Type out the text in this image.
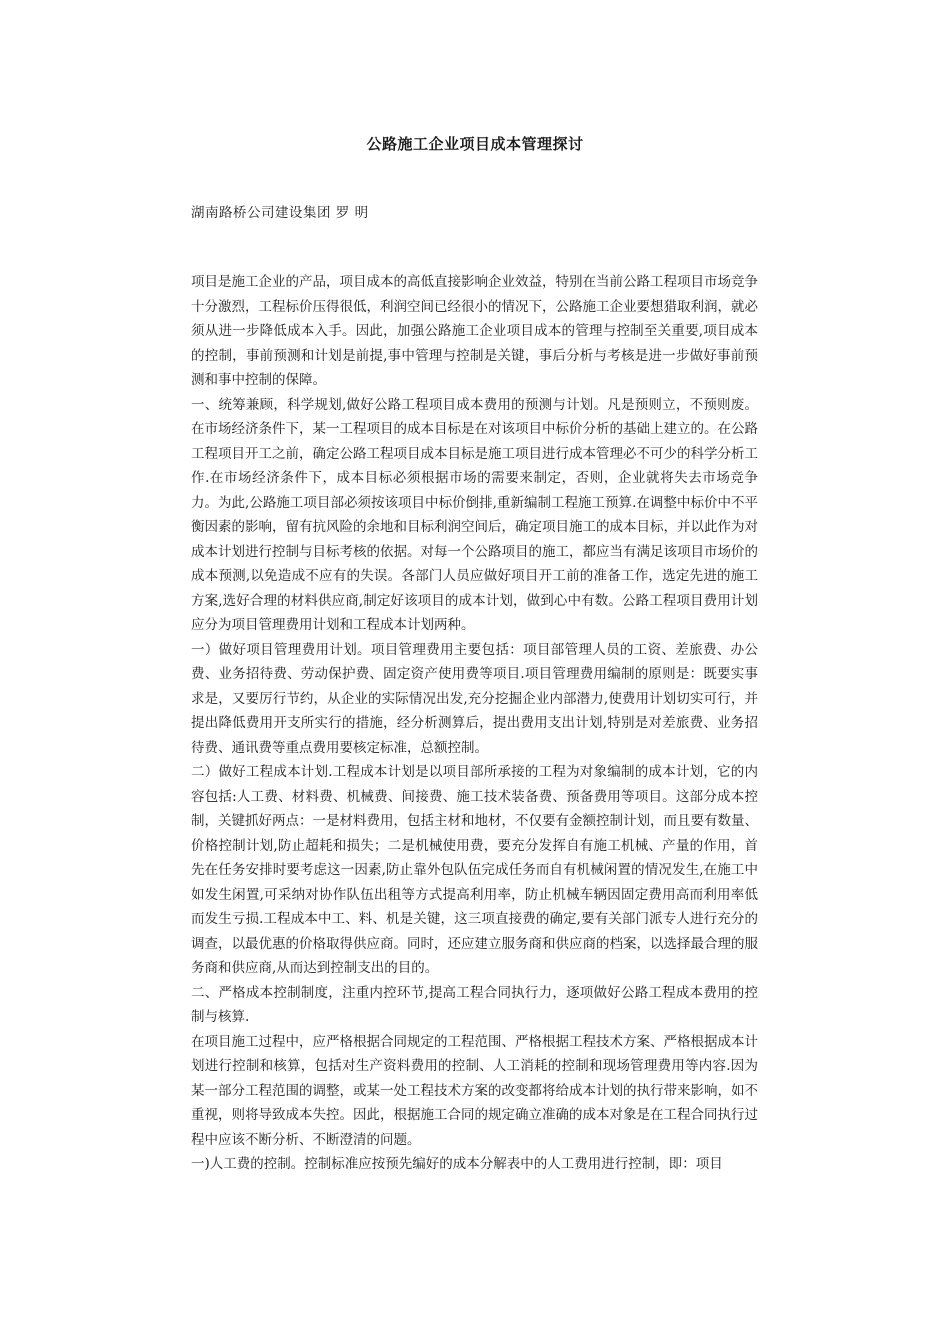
公路施工企业项目成本管理探讨
湖南路桥公司建设集团 罗 明

项目是施工企业的产品，项目成本的高低直接影响企业效益，特别在当前公路工程项目市场竞争十分激烈，工程标价压得很低，利润空间已经很小的情况下，公路施工企业要想猎取利润，就必须从进一步降低成本入手。因此，加强公路施工企业项目成本的管理与控制至关重要,项目成本的控制，事前预测和计划是前提,事中管理与控制是关键，事后分析与考核是进一步做好事前预测和事中控制的保障。

一、统筹兼顾，科学规划,做好公路工程项目成本费用的预测与计划。凡是预则立，不预则废。在市场经济条件下，某一工程项目的成本目标是在对该项目中标价分析的基础上建立的。在公路工程项目开工之前，确定公路工程项目成本目标是施工项目进行成本管理必不可少的科学分析工作.在市场经济条件下，成本目标必须根据市场的需要来制定，否则，企业就将失去市场竞争力。为此,公路施工项目部必须按该项目中标价倒排,重新编制工程施工预算.在调整中标价中不平衡因素的影响，留有抗风险的余地和目标利润空间后，确定项目施工的成本目标，并以此作为对成本计划进行控制与目标考核的依据。对每一个公路项目的施工，都应当有满足该项目市场价的成本预测,以免造成不应有的失误。各部门人员应做好项目开工前的准备工作，选定先进的施工方案,选好合理的材料供应商,制定好该项目的成本计划，做到心中有数。公路工程项目费用计划应分为项目管理费用计划和工程成本计划两种。

一）做好项目管理费用计划。项目管理费用主要包括：项目部管理人员的工资、差旅费、办公费、业务招待费、劳动保护费、固定资产使用费等项目.项目管理费用编制的原则是：既要实事求是，又要厉行节约，从企业的实际情况出发,充分挖掘企业内部潜力,使费用计划切实可行，并提出降低费用开支所实行的措施，经分析测算后，提出费用支出计划,特别是对差旅费、业务招待费、通讯费等重点费用要核定标准，总额控制。

二）做好工程成本计划.工程成本计划是以项目部所承接的工程为对象编制的成本计划，它的内容包括:人工费、材料费、机械费、间接费、施工技术装备费、预备费用等项目。这部分成本控制，关键抓好两点：一是材料费用，包括主材和地材，不仅要有金额控制计划，而且要有数量、价格控制计划,防止超耗和损失；二是机械使用费，要充分发挥自有施工机械、产量的作用，首先在任务安排时要考虑这一因素,防止靠外包队伍完成任务而自有机械闲置的情况发生,在施工中如发生闲置,可采纳对协作队伍出租等方式提高利用率，防止机械车辆因固定费用高而利用率低而发生亏损.工程成本中工、料、机是关键，这三项直接费的确定,要有关部门派专人进行充分的调查，以最优惠的价格取得供应商。同时，还应建立服务商和供应商的档案，以选择最合理的服务商和供应商,从而达到控制支出的目的。

二、严格成本控制制度，注重内控环节,提高工程合同执行力，逐项做好公路工程成本费用的控制与核算.

在项目施工过程中，应严格根据合同规定的工程范围、严格根据工程技术方案、严格根据成本计划进行控制和核算，包括对生产资料费用的控制、人工消耗的控制和现场管理费用等内容.因为某一部分工程范围的调整，或某一处工程技术方案的改变都将给成本计划的执行带来影响，如不重视，则将导致成本失控。因此，根据施工合同的规定确立准确的成本对象是在工程合同执行过程中应该不断分析、不断澄清的问题。

一)人工费的控制。控制标准应按预先编好的成本分解表中的人工费用进行控制，即：项目
